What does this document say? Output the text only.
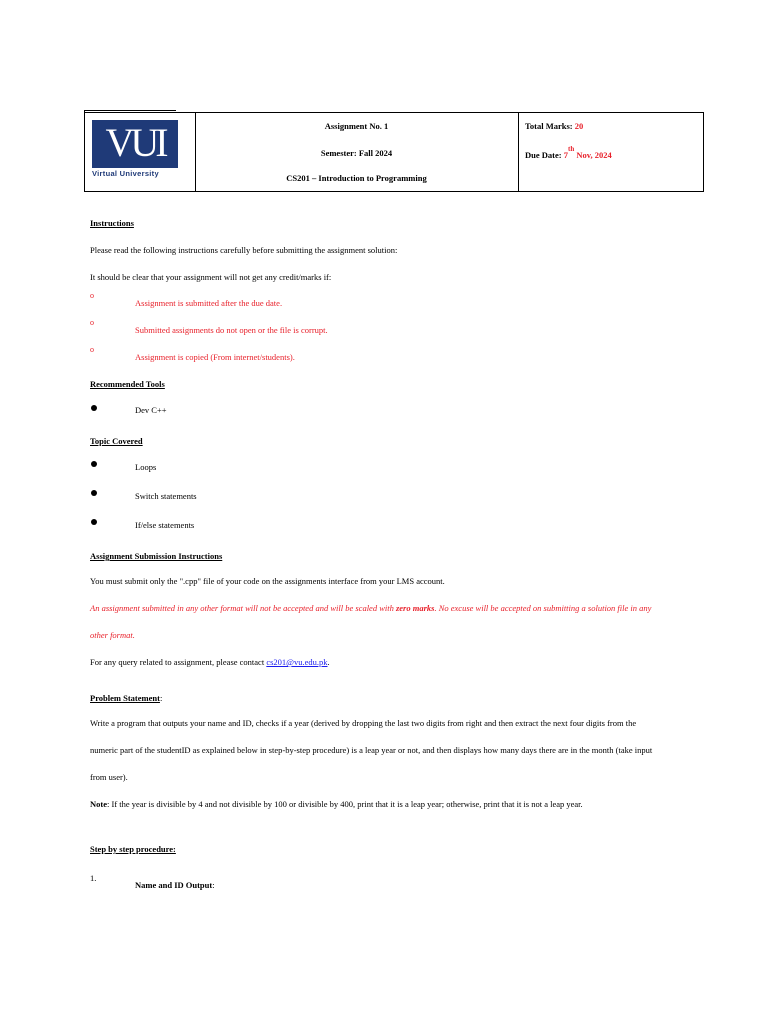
VUI
Virtual University
Assignment No. 1
Semester: Fall 2024
CS201 – Introduction to Programming
Total Marks: 20
Due Date: 7th Nov, 2024
Instructions
Please read the following instructions carefully before submitting the assignment solution:
It should be clear that your assignment will not get any credit/marks if:
o
Assignment is submitted after the due date.
o
Submitted assignments do not open or the file is corrupt.
o
Assignment is copied (From internet/students).
Recommended Tools
Dev C++
Topic Covered
Loops
Switch statements
If/else statements
Assignment Submission Instructions
You must submit only the ".cpp" file of your code on the assignments interface from your LMS account.
An assignment submitted in any other format will not be accepted and will be scaled with zero marks. No excuse will be accepted on submitting a solution file in any
other format.
For any query related to assignment, please contact cs201@vu.edu.pk.
Problem Statement:
Write a program that outputs your name and ID, checks if a year (derived by dropping the last two digits from right and then extract the next four digits from the
numeric part of the studentID as explained below in step-by-step procedure) is a leap year or not, and then displays how many days there are in the month (take input
from user).
Note: If the year is divisible by 4 and not divisible by 100 or divisible by 400, print that it is a leap year; otherwise, print that it is not a leap year.
Step by step procedure:
1.
Name and ID Output:
